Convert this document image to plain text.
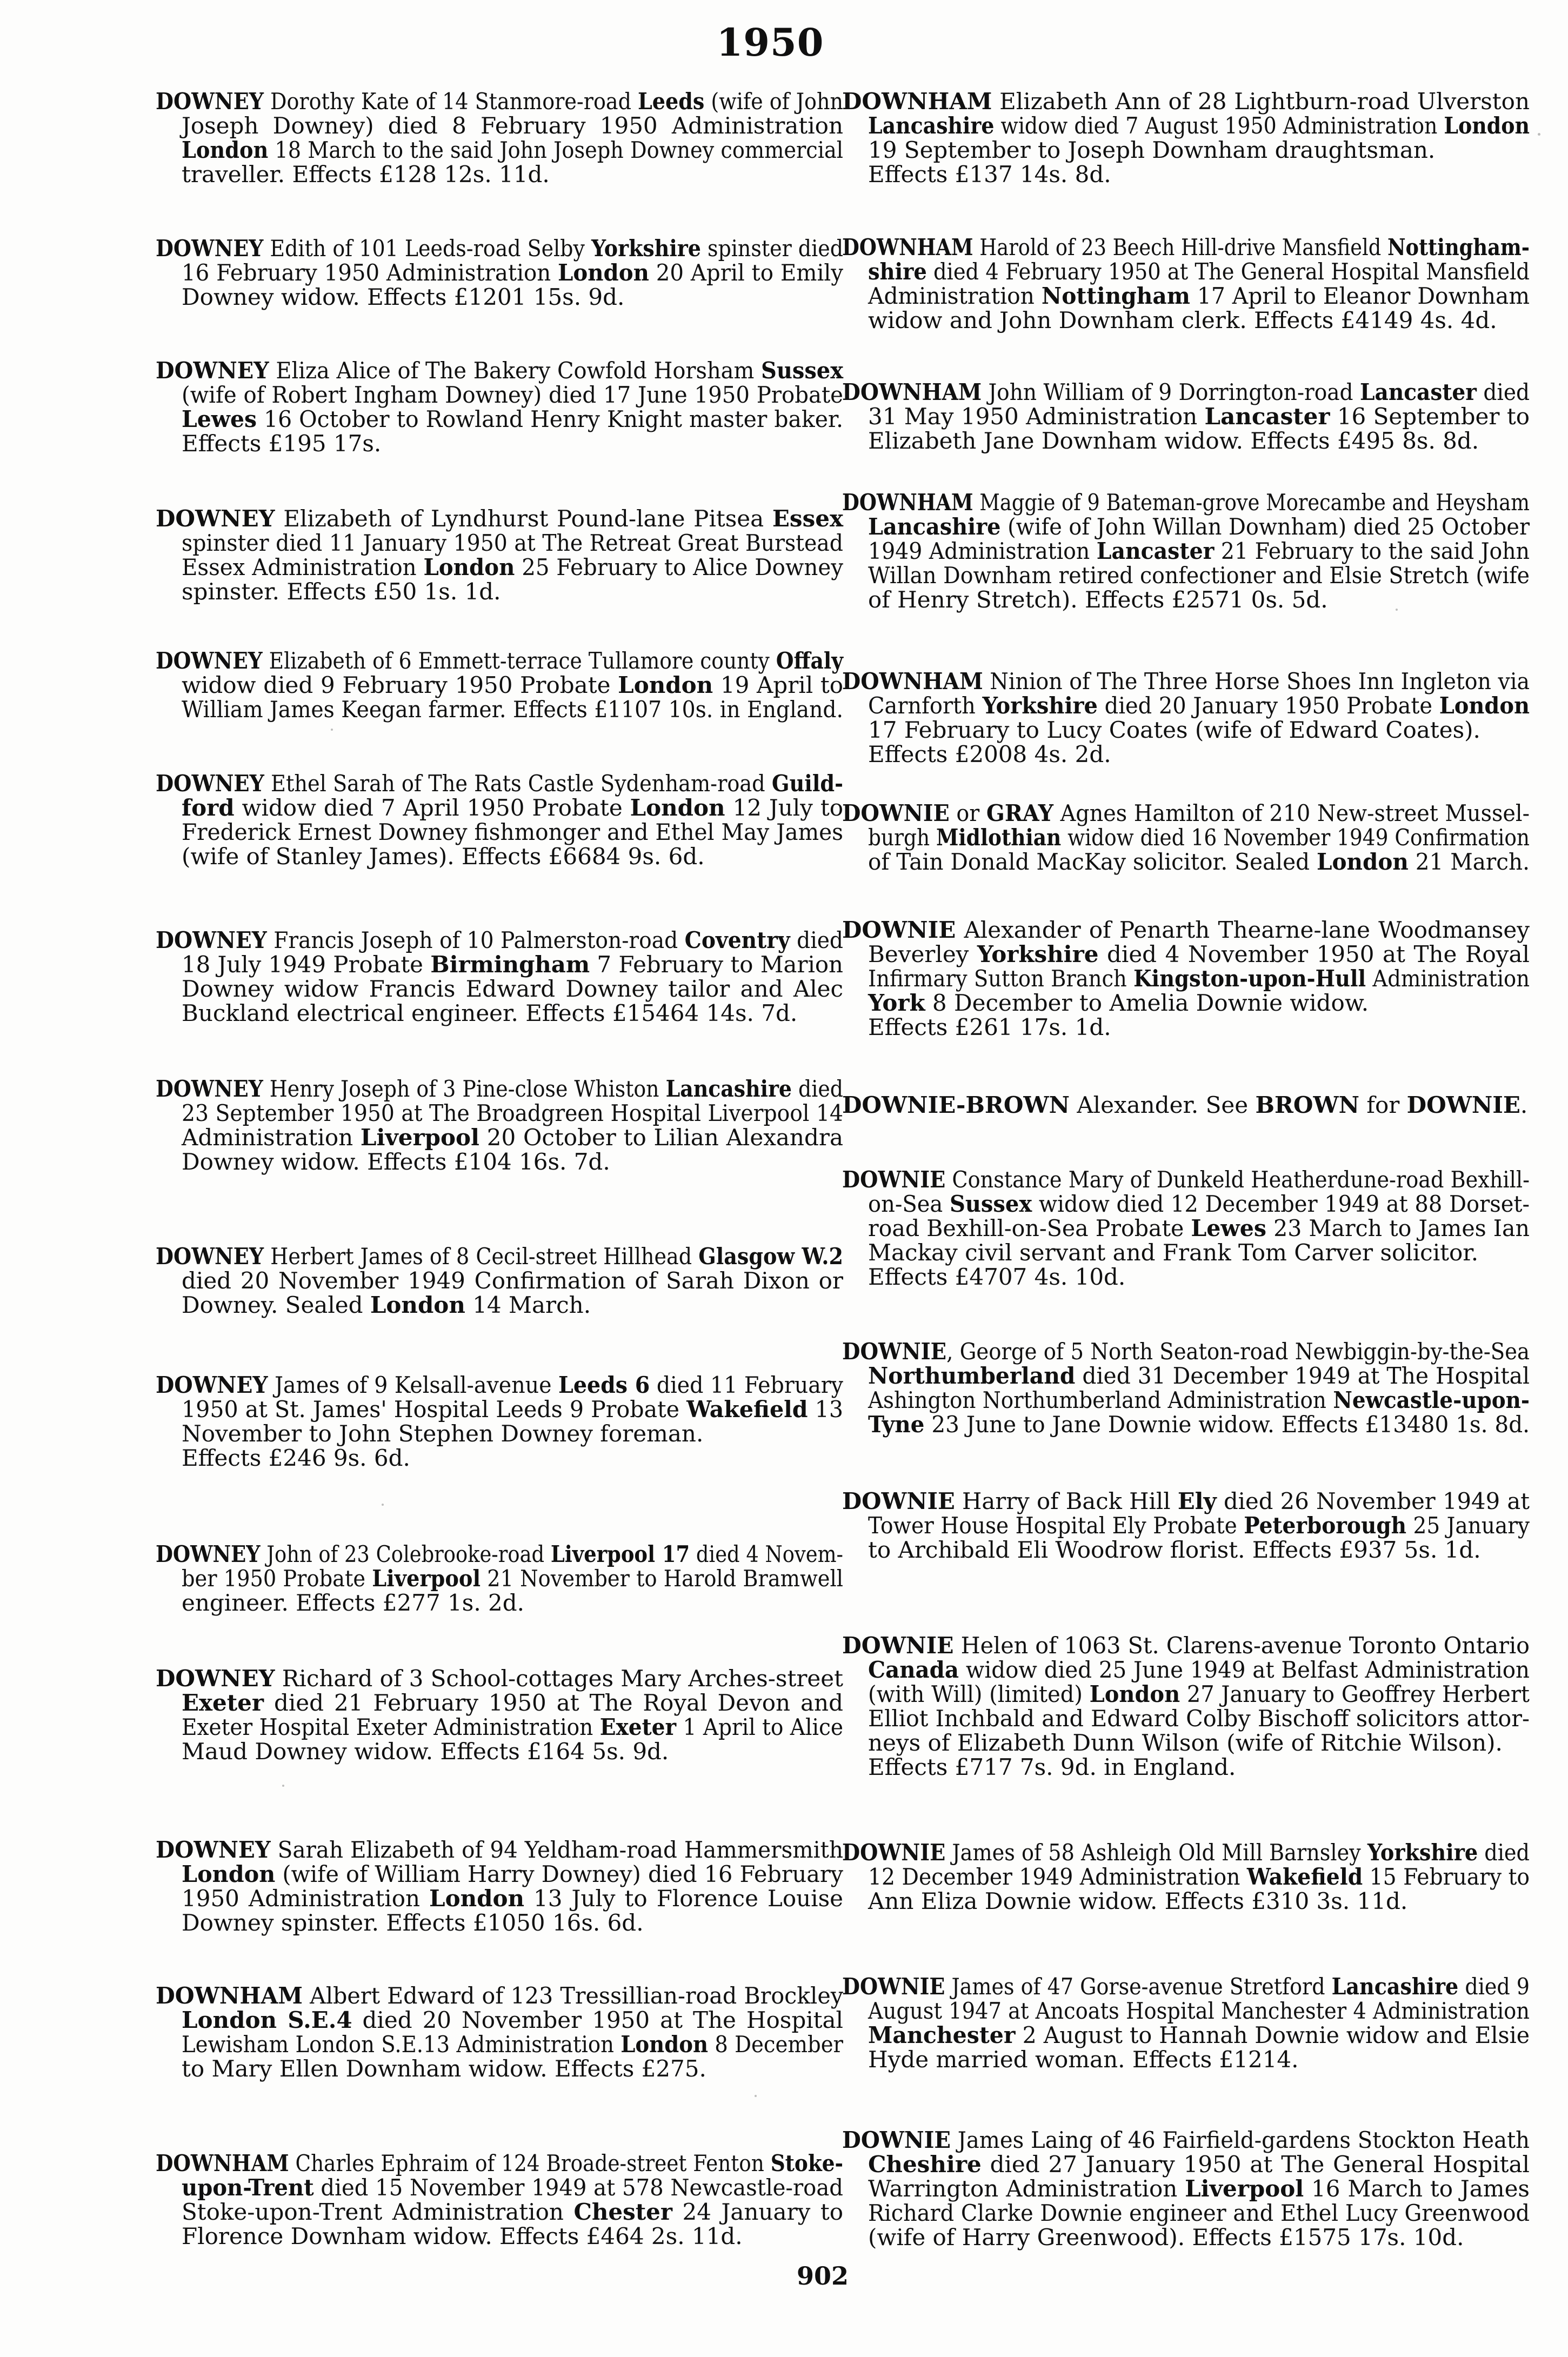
1950
DOWNEY Dorothy Kate of 14 Stanmore-road Leeds (wife of John
Joseph Downey) died 8 February 1950 Administration
London 18 March to the said John Joseph Downey commercial
traveller. Effects £128 12s. 11d.
DOWNEY Edith of 101 Leeds-road Selby Yorkshire spinster died
16 February 1950 Administration London 20 April to Emily
Downey widow. Effects £1201 15s. 9d.
DOWNEY Eliza Alice of The Bakery Cowfold Horsham Sussex
(wife of Robert Ingham Downey) died 17 June 1950 Probate
Lewes 16 October to Rowland Henry Knight master baker.
Effects £195 17s.
DOWNEY Elizabeth of Lyndhurst Pound-lane Pitsea Essex
spinster died 11 January 1950 at The Retreat Great Burstead
Essex Administration London 25 February to Alice Downey
spinster. Effects £50 1s. 1d.
DOWNEY Elizabeth of 6 Emmett-terrace Tullamore county Offaly
widow died 9 February 1950 Probate London 19 April to
William James Keegan farmer. Effects £1107 10s. in England.
DOWNEY Ethel Sarah of The Rats Castle Sydenham-road Guild-
ford widow died 7 April 1950 Probate London 12 July to
Frederick Ernest Downey fishmonger and Ethel May James
(wife of Stanley James). Effects £6684 9s. 6d.
DOWNEY Francis Joseph of 10 Palmerston-road Coventry died
18 July 1949 Probate Birmingham 7 February to Marion
Downey widow Francis Edward Downey tailor and Alec
Buckland electrical engineer. Effects £15464 14s. 7d.
DOWNEY Henry Joseph of 3 Pine-close Whiston Lancashire died
23 September 1950 at The Broadgreen Hospital Liverpool 14
Administration Liverpool 20 October to Lilian Alexandra
Downey widow. Effects £104 16s. 7d.
DOWNEY Herbert James of 8 Cecil-street Hillhead Glasgow W.2
died 20 November 1949 Confirmation of Sarah Dixon or
Downey. Sealed London 14 March.
DOWNEY James of 9 Kelsall-avenue Leeds 6 died 11 February
1950 at St. James' Hospital Leeds 9 Probate Wakefield 13
November to John Stephen Downey foreman.
Effects £246 9s. 6d.
DOWNEY John of 23 Colebrooke-road Liverpool 17 died 4 Novem-
ber 1950 Probate Liverpool 21 November to Harold Bramwell
engineer. Effects £277 1s. 2d.
DOWNEY Richard of 3 School-cottages Mary Arches-street
Exeter died 21 February 1950 at The Royal Devon and
Exeter Hospital Exeter Administration Exeter 1 April to Alice
Maud Downey widow. Effects £164 5s. 9d.
DOWNEY Sarah Elizabeth of 94 Yeldham-road Hammersmith
London (wife of William Harry Downey) died 16 February
1950 Administration London 13 July to Florence Louise
Downey spinster. Effects £1050 16s. 6d.
DOWNHAM Albert Edward of 123 Tressillian-road Brockley
London S.E.4 died 20 November 1950 at The Hospital
Lewisham London S.E.13 Administration London 8 December
to Mary Ellen Downham widow. Effects £275.
DOWNHAM Charles Ephraim of 124 Broade-street Fenton Stoke-
upon-Trent died 15 November 1949 at 578 Newcastle-road
Stoke-upon-Trent Administration Chester 24 January to
Florence Downham widow. Effects £464 2s. 11d.
DOWNHAM Elizabeth Ann of 28 Lightburn-road Ulverston
Lancashire widow died 7 August 1950 Administration London
19 September to Joseph Downham draughtsman.
Effects £137 14s. 8d.
DOWNHAM Harold of 23 Beech Hill-drive Mansfield Nottingham-
shire died 4 February 1950 at The General Hospital Mansfield
Administration Nottingham 17 April to Eleanor Downham
widow and John Downham clerk. Effects £4149 4s. 4d.
DOWNHAM John William of 9 Dorrington-road Lancaster died
31 May 1950 Administration Lancaster 16 September to
Elizabeth Jane Downham widow. Effects £495 8s. 8d.
DOWNHAM Maggie of 9 Bateman-grove Morecambe and Heysham
Lancashire (wife of John Willan Downham) died 25 October
1949 Administration Lancaster 21 February to the said John
Willan Downham retired confectioner and Elsie Stretch (wife
of Henry Stretch). Effects £2571 0s. 5d.
DOWNHAM Ninion of The Three Horse Shoes Inn Ingleton via
Carnforth Yorkshire died 20 January 1950 Probate London
17 February to Lucy Coates (wife of Edward Coates).
Effects £2008 4s. 2d.
DOWNIE or GRAY Agnes Hamilton of 210 New-street Mussel-
burgh Midlothian widow died 16 November 1949 Confirmation
of Tain Donald MacKay solicitor. Sealed London 21 March.
DOWNIE Alexander of Penarth Thearne-lane Woodmansey
Beverley Yorkshire died 4 November 1950 at The Royal
Infirmary Sutton Branch Kingston-upon-Hull Administration
York 8 December to Amelia Downie widow.
Effects £261 17s. 1d.
DOWNIE-BROWN Alexander. See BROWN for DOWNIE.
DOWNIE Constance Mary of Dunkeld Heatherdune-road Bexhill-
on-Sea Sussex widow died 12 December 1949 at 88 Dorset-
road Bexhill-on-Sea Probate Lewes 23 March to James Ian
Mackay civil servant and Frank Tom Carver solicitor.
Effects £4707 4s. 10d.
DOWNIE, George of 5 North Seaton-road Newbiggin-by-the-Sea
Northumberland died 31 December 1949 at The Hospital
Ashington Northumberland Administration Newcastle-upon-
Tyne 23 June to Jane Downie widow. Effects £13480 1s. 8d.
DOWNIE Harry of Back Hill Ely died 26 November 1949 at
Tower House Hospital Ely Probate Peterborough 25 January
to Archibald Eli Woodrow florist. Effects £937 5s. 1d.
DOWNIE Helen of 1063 St. Clarens-avenue Toronto Ontario
Canada widow died 25 June 1949 at Belfast Administration
(with Will) (limited) London 27 January to Geoffrey Herbert
Elliot Inchbald and Edward Colby Bischoff solicitors attor-
neys of Elizabeth Dunn Wilson (wife of Ritchie Wilson).
Effects £717 7s. 9d. in England.
DOWNIE James of 58 Ashleigh Old Mill Barnsley Yorkshire died
12 December 1949 Administration Wakefield 15 February to
Ann Eliza Downie widow. Effects £310 3s. 11d.
DOWNIE James of 47 Gorse-avenue Stretford Lancashire died 9
August 1947 at Ancoats Hospital Manchester 4 Administration
Manchester 2 August to Hannah Downie widow and Elsie
Hyde married woman. Effects £1214.
DOWNIE James Laing of 46 Fairfield-gardens Stockton Heath
Cheshire died 27 January 1950 at The General Hospital
Warrington Administration Liverpool 16 March to James
Richard Clarke Downie engineer and Ethel Lucy Greenwood
(wife of Harry Greenwood). Effects £1575 17s. 10d.
902
